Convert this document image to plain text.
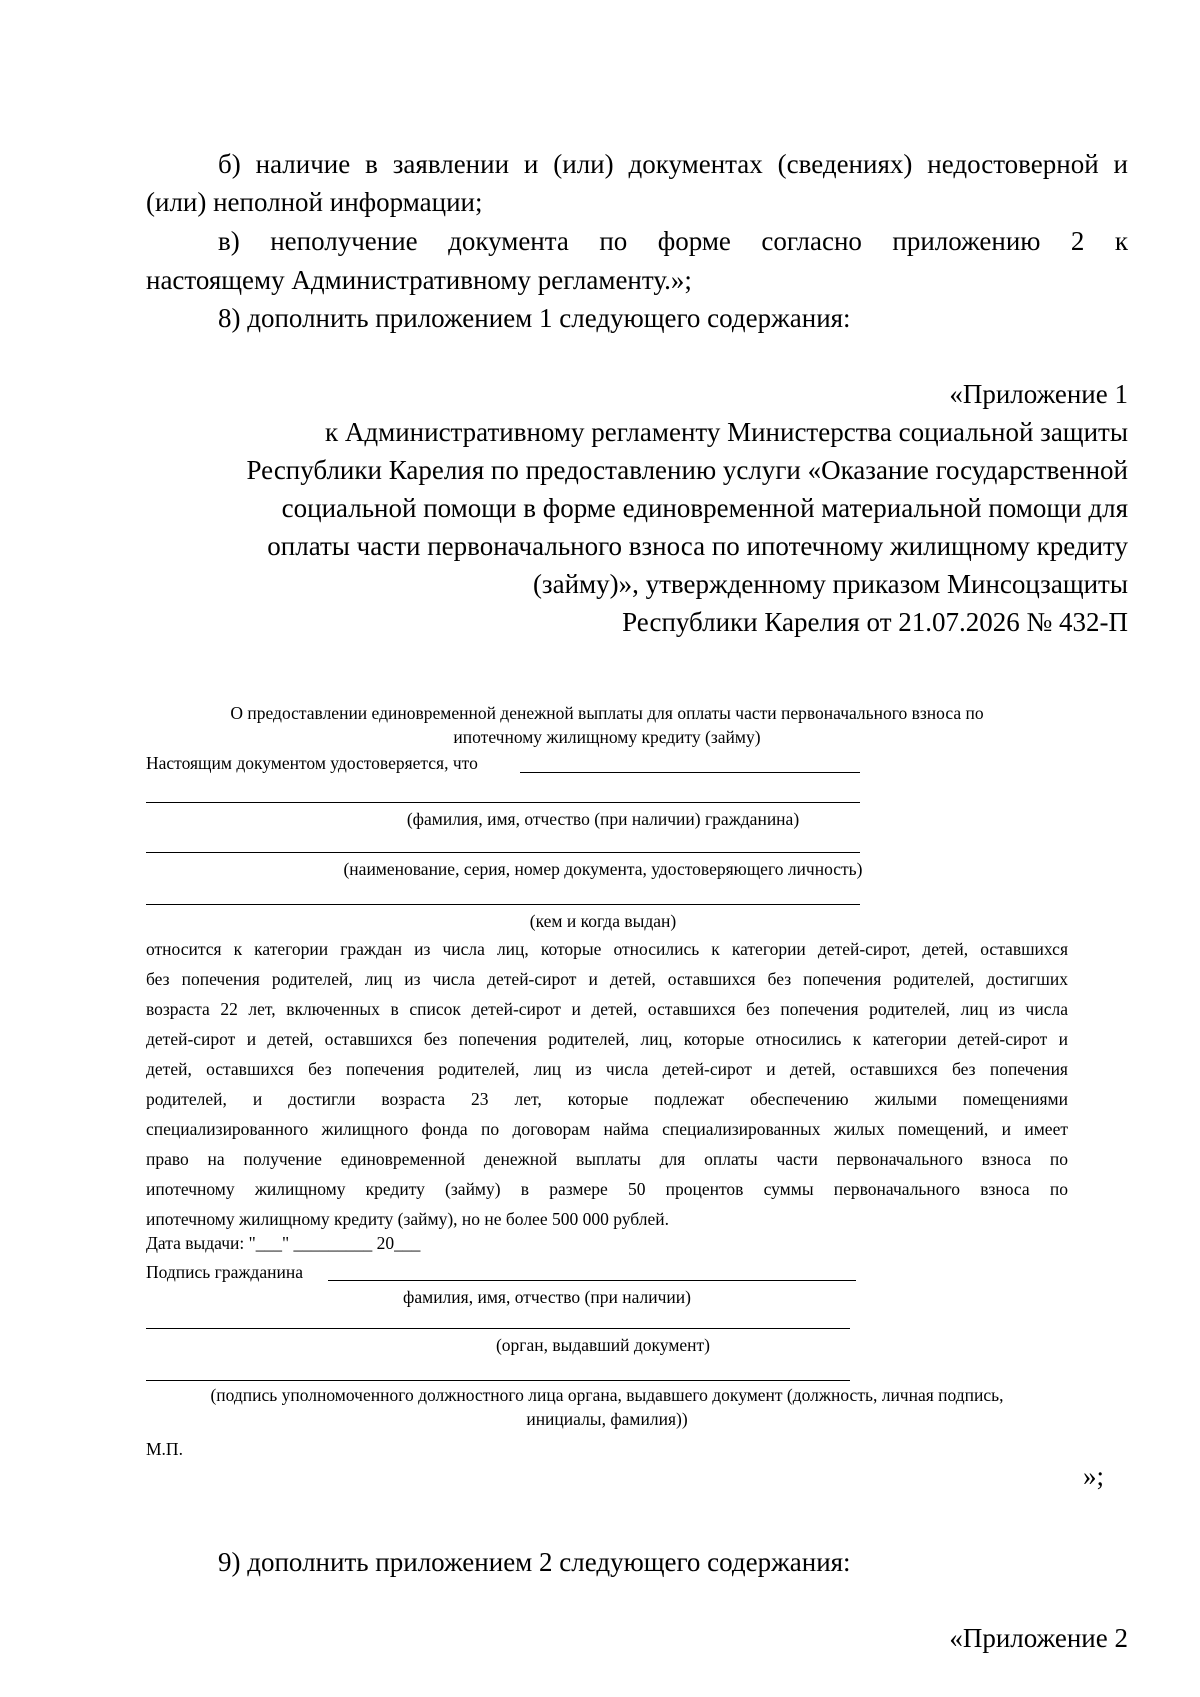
б) наличие в заявлении и (или) документах (сведениях) недостоверной и
(или) неполной информации;
в) неполучение документа по форме согласно приложению 2 к
настоящему Административному регламенту.»;
8) дополнить приложением 1 следующего содержания:
«Приложение 1
к Административному регламенту Министерства социальной защиты
Республики Карелия по предоставлению услуги «Оказание государственной
социальной помощи в форме единовременной материальной помощи для
оплаты части первоначального взноса по ипотечному жилищному кредиту
(займу)», утвержденному приказом Минсоцзащиты
Республики Карелия от 21.07.2026 № 432-П
О предоставлении единовременной денежной выплаты для оплаты части первоначального взноса по
ипотечному жилищному кредиту (займу)
Настоящим документом удостоверяется, что
(фамилия, имя, отчество (при наличии) гражданина)
(наименование, серия, номер документа, удостоверяющего личность)
(кем и когда выдан)
относится к категории граждан из числа лиц, которые относились к категории детей-сирот, детей, оставшихся
без попечения родителей, лиц из числа детей-сирот и детей, оставшихся без попечения родителей, достигших
возраста 22 лет, включенных в список детей-сирот и детей, оставшихся без попечения родителей, лиц из числа
детей-сирот и детей, оставшихся без попечения родителей, лиц, которые относились к категории детей-сирот и
детей, оставшихся без попечения родителей, лиц из числа детей-сирот и детей, оставшихся без попечения
родителей, и достигли возраста 23 лет, которые подлежат обеспечению жилыми помещениями
специализированного жилищного фонда по договорам найма специализированных жилых помещений, и имеет
право на получение единовременной денежной выплаты для оплаты части первоначального взноса по
ипотечному жилищному кредиту (займу) в размере 50 процентов суммы первоначального взноса по
ипотечному жилищному кредиту (займу), но не более 500 000 рублей.
Дата выдачи: "___" _________ 20___
Подпись гражданина
фамилия, имя, отчество (при наличии)
(орган, выдавший документ)
(подпись уполномоченного должностного лица органа, выдавшего документ (должность, личная подпись,
инициалы, фамилия))
М.П.
»;
9) дополнить приложением 2 следующего содержания:
«Приложение 2
